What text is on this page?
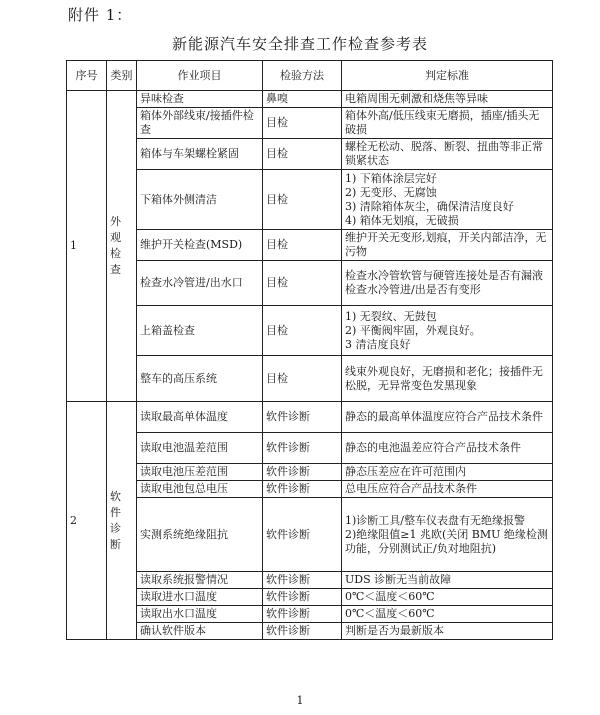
附件 1：
新能源汽车安全排查工作检查参考表
序号	类别	作业项目	检验方法	判定标准
1	外观检查	异味检查	鼻嗅	电箱周围无刺激和烧焦等异味
		箱体外部线束/接插件检查	目检	箱体外高/低压线束无磨损，插座/插头无破损
		箱体与车架螺栓紧固	目检	螺栓无松动、脱落、断裂、扭曲等非正常锁紧状态
		下箱体外侧清洁	目检	1) 下箱体涂层完好
2) 无变形、无腐蚀
3) 清除箱体灰尘，确保清洁度良好
4) 箱体无划痕，无破损
		维护开关检查(MSD)	目检	维护开关无变形,划痕，开关内部洁净，无污物
		检查水冷管进/出水口	目检	检查水冷管软管与硬管连接处是否有漏液
检查水冷管进/出是否有变形
		上箱盖检查	目检	1) 无裂纹、无鼓包
2) 平衡阀牢固，外观良好。
3 清洁度良好
		整车的高压系统	目检	线束外观良好，无磨损和老化；接插件无松脱，无异常变色发黑现象
2	软件诊断	读取最高单体温度	软件诊断	静态的最高单体温度应符合产品技术条件
		读取电池温差范围	软件诊断	静态的电池温差应符合产品技术条件
		读取电池压差范围	软件诊断	静态压差应在许可范围内
		读取电池包总电压	软件诊断	总电压应符合产品技术条件
		实测系统绝缘阻抗	软件诊断	1)诊断工具/整车仪表盘有无绝缘报警
2)绝缘阻值≥1 兆欧(关闭 BMU 绝缘检测功能，分别测试正/负对地阻抗)
		读取系统报警情况	软件诊断	UDS 诊断无当前故障
		读取进水口温度	软件诊断	0℃＜温度＜60℃
		读取出水口温度	软件诊断	0℃＜温度＜60℃
		确认软件版本	软件诊断	判断是否为最新版本
1
